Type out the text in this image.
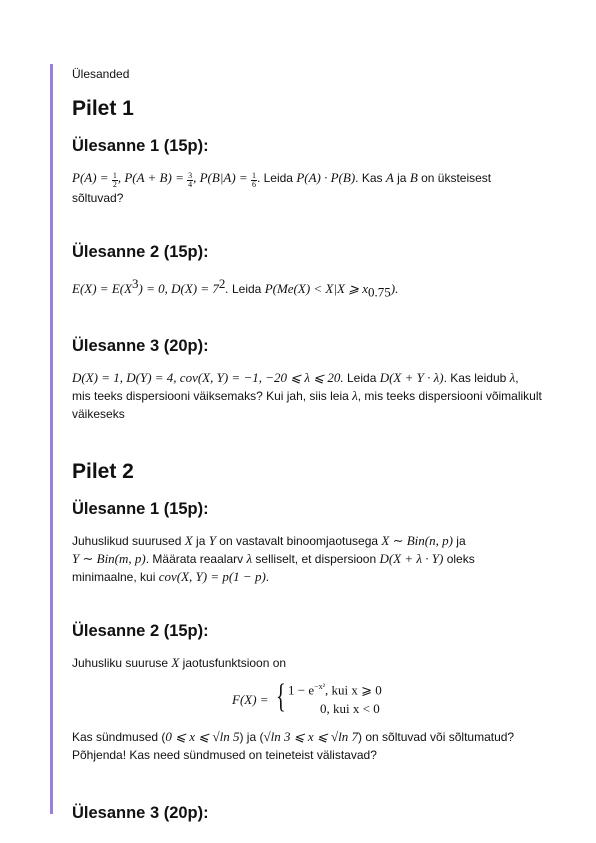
Ülesanded
Pilet 1
Ülesanne 1 (15p):

$P(A) = \frac{1}{2}$ , $P(A + B) = \frac{3}{4}$ , $P(B|A) = \frac{1}{6}$ . Leida P(A) · P(B). Kas A ja B on üksteisest
sõltuvad?

Ülesanne 2 (15p):

$E(X) = E(X^3) = 0$, $D(X) = 7^2$. Leida P(Me(X) < X|X ⩾ $x_{0.75}$).

Ülesanne 3 (20p):

D(X) = 1, D(Y) = 4, cov(X, Y) = −1, −20 ⩽ λ ⩽ 20. Leida D(X + Y · λ). Kas leidub λ,
mis teeks dispersiooni väiksemaks? Kui jah, siis leia λ, mis teeks dispersiooni võimalikult
väikeseks

Pilet 2
Ülesanne 1 (15p):

Juhuslikud suurused X ja Y on vastavalt binoomjaotusega X ∼ Bin(n, p) ja
Y ∼ Bin(m, p). Määrata reaalarv λ selliselt, et dispersioon D(X + λ · Y) oleks
minimaalne, kui cov(X, Y) = p(1 − p).

Ülesanne 2 (15p):

Juhusliku suuruse X jaotusfunktsioon on

F(X) = { $1 - e^{-x^2}$, kui x ⩾ 0
0, kui x < 0

Kas sündmused (0 ⩽ x ⩽ √ln 5) ja (√ln 3 ⩽ x ⩽ √ln 7) on sõltuvad või sõltumatud?
Põhjenda! Kas need sündmused on teineteist välistavad?

Ülesanne 3 (20p):
